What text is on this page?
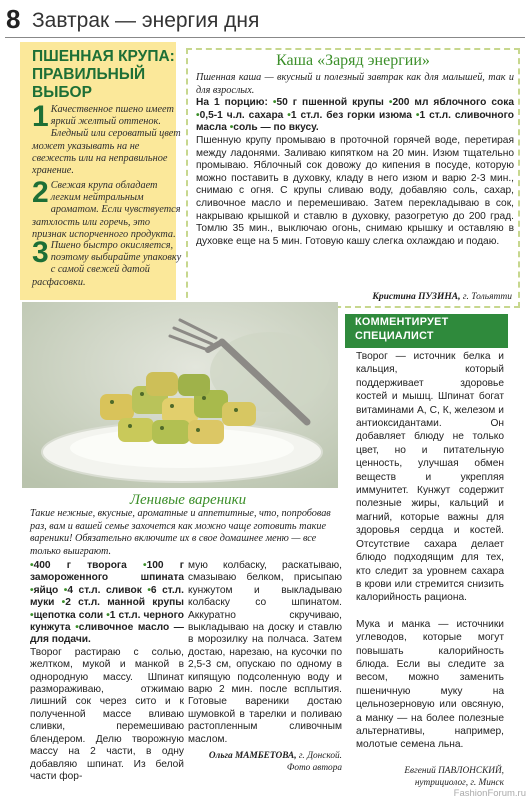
8 Завтрак — энергия дня
ПШЕННАЯ КРУПА: ПРАВИЛЬНЫЙ ВЫБОР
1 Качественное пшено имеет яркий желтый оттенок. Бледный или сероватый цвет может указывать на не свежесть или на неправильное хранение.
2 Свежая крупа обладает легким нейтральным ароматом. Если чувствуется затхлость или горечь, это признак испорченного продукта.
3 Пшено быстро окисляется, поэтому выбирайте упаковку с самой свежей датой расфасовки.
Каша «Заряд энергии»
Пшенная каша — вкусный и полезный завтрак как для малышей, так и для взрослых.
На 1 порцию: •50 г пшенной крупы •200 мл яблочного сока •0,5-1 ч.л. сахара •1 ст.л. без горки изюма •1 ст.л. сливочного масла •соль — по вкусу.
Пшенную крупу промываю в проточной горячей воде, перетирая между ладонями. Заливаю кипятком на 20 мин. Изюм тщательно промываю. Яблочный сок довожу до кипения в посуде, которую можно поставить в духовку, кладу в него изюм и варю 2-3 мин., снимаю с огня. С крупы сливаю воду, добавляю соль, сахар, сливочное масло и перемешиваю. Затем перекладываю в сок, накрываю крышкой и ставлю в духовку, разогретую до 200 град. Томлю 35 мин., выключаю огонь, снимаю крышку и оставляю в духовке еще на 5 мин. Готовую кашу слегка охлаждаю и подаю.
Кристина ПУЗИНА, г. Тольятти
КОММЕНТИРУЕТ СПЕЦИАЛИСТ

Творог — источник белка и кальция, который поддерживает здоровье костей и мышц. Шпинат богат витаминами А, С, К, железом и антиоксидантами. Он добавляет блюду не только цвет, но и питательную ценность, улучшая обмен веществ и укрепляя иммунитет. Кунжут содержит полезные жиры, кальций и магний, которые важны для здоровья сердца и костей. Отсутствие сахара делает блюдо подходящим для тех, кто следит за уровнем сахара в крови или стремится снизить калорийность рациона.

Мука и манка — источники углеводов, которые могут повышать калорийность блюда. Если вы следите за весом, можно заменить пшеничную муку на цельнозерновую или овсяную, а манку — на более полезные альтернативы, например, молотые семена льна.

Евгений ПАВЛОНСКИЙ,
нутрициолог, г. Минск
Ленивые вареники
Такие нежные, вкусные, ароматные и аппетитные, что, попробовав раз, вам и вашей семье захочется как можно чаще готовить такие вареники! Обязательно включите их в свое домашнее меню — все только выиграют.
•400 г творога •100 г замороженного шпината •яйцо •4 ст.л. сливок •6 ст.л. муки •2 ст.л. манной крупы •щепотка соли •1 ст.л. черного кунжута •сливочное масло — для подачи.
Творог растираю с солью, желтком, мукой и манкой в однородную массу. Шпинат размораживаю, отжимаю лишний сок через сито и к полученной массе вливаю сливки, перемешиваю блендером. Делю творожную массу на 2 части, в одну добавляю шпинат. Из белой части фор-
мую колбаску, раскатываю, смазываю белком, присыпаю кунжутом и выкладываю колбаску со шпинатом. Аккуратно скручиваю, выкладываю на доску и ставлю в морозилку на полчаса. Затем достаю, нарезаю, на кусочки по 2,5-3 см, опускаю по одному в кипящую подсоленную воду и варю 2 мин. после всплытия. Готовые вареники достаю шумовкой в тарелки и поливаю растопленным сливочным маслом.
Ольга МАМБЕТОВА, г. Донской.
Фото автора
FashionForum.ru
